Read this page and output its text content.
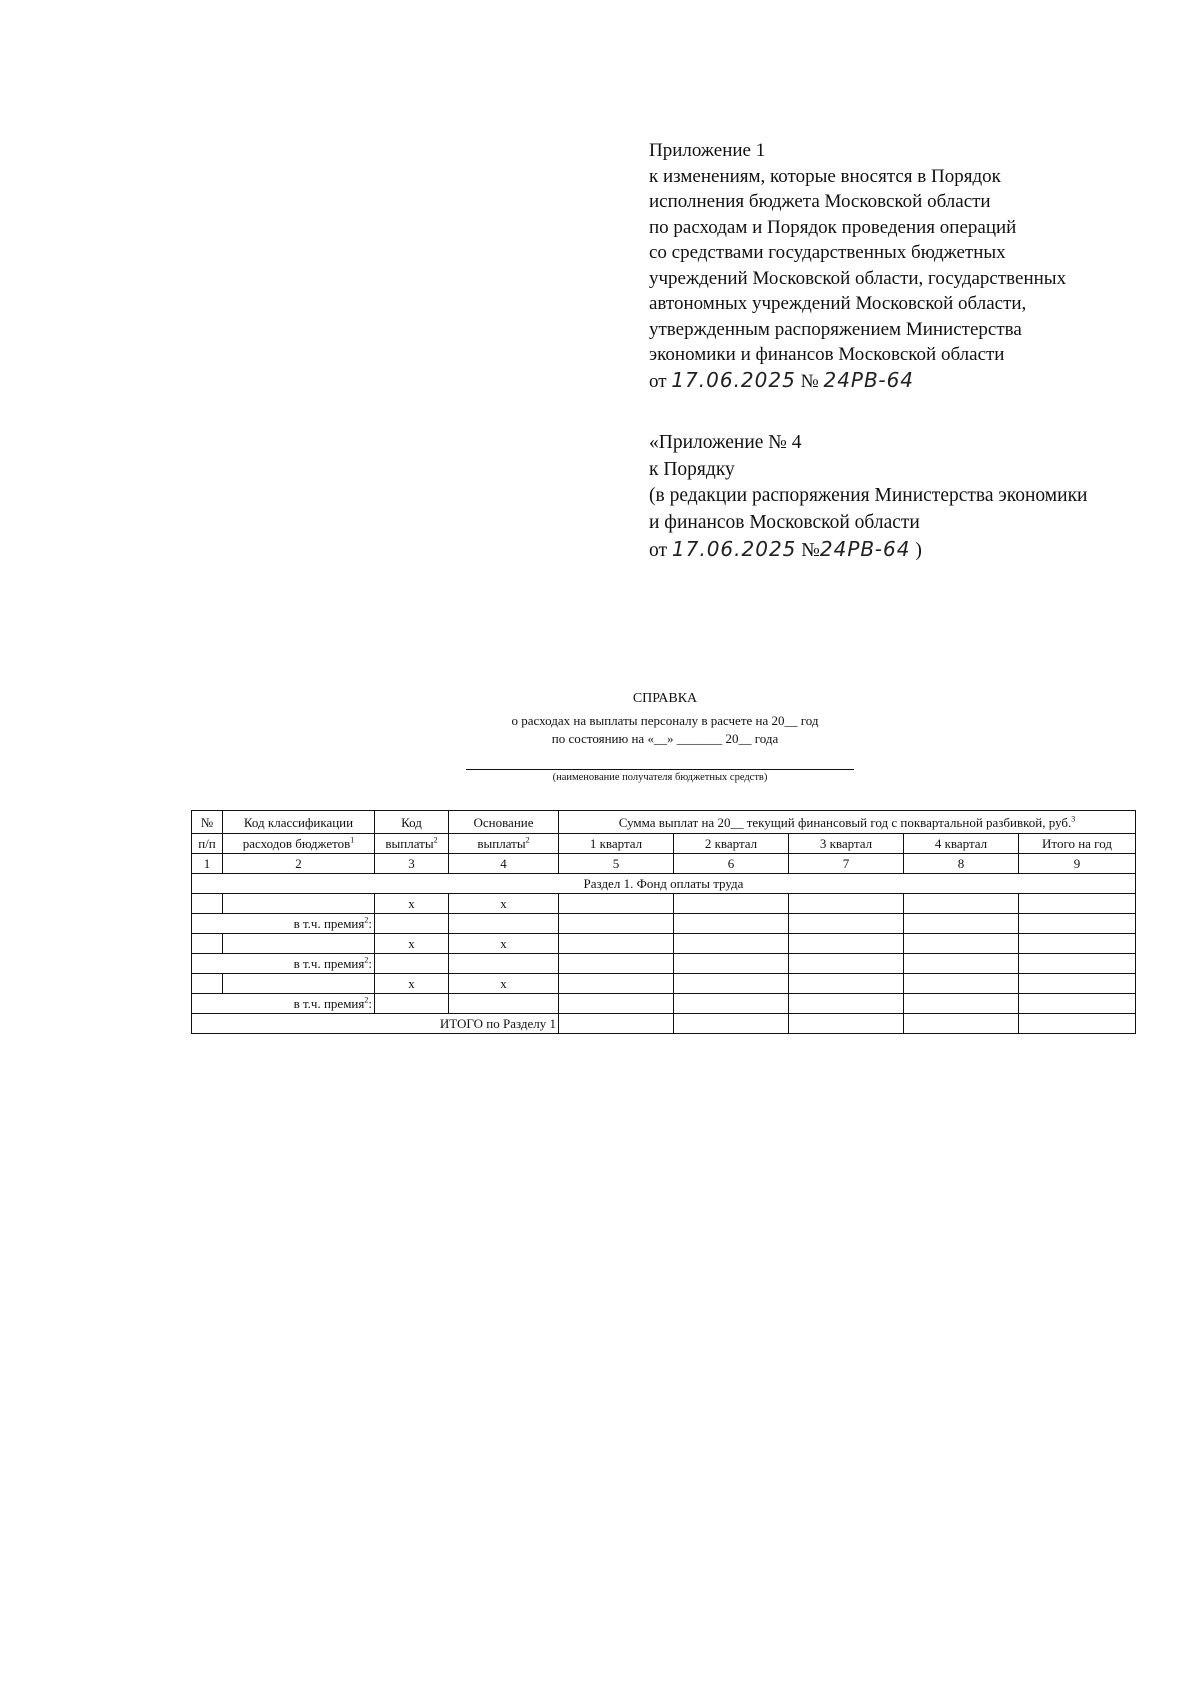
Приложение 1
к изменениям, которые вносятся в Порядок
исполнения бюджета Московской области
по расходам и Порядок проведения операций
со средствами государственных бюджетных
учреждений Московской области, государственных
автономных учреждений Московской области,
утвержденным распоряжением Министерства
экономики и финансов Московской области
от 17.06.2025 № 24PB-64
«Приложение № 4
к Порядку
(в редакции распоряжения Министерства экономики
и финансов Московской области
от 17.06.2025 №24PB-64 )
СПРАВКА
о расходах на выплаты персоналу в расчете на 20__ год
по состоянию на «__» _______ 20__ года
(наименование получателя бюджетных средств)
№	Код классификации	Код	Основание	Сумма выплат на 20__ текущий финансовый год с поквартальной разбивкой, руб.$^3$
п/п	расходов бюджетов$^1$	выплаты$^2$	выплаты$^2$	1 квартал	2 квартал	3 квартал	4 квартал	Итого на год
1	2	3	4	5	6	7	8	9
Раздел 1. Фонд оплаты труда								
		x	x					
в т.ч. премия$^2$:								
		x	x					
в т.ч. премия$^2$:								
		x	x					
в т.ч. премия$^2$:								
ИТОГО по Разделу 1								
